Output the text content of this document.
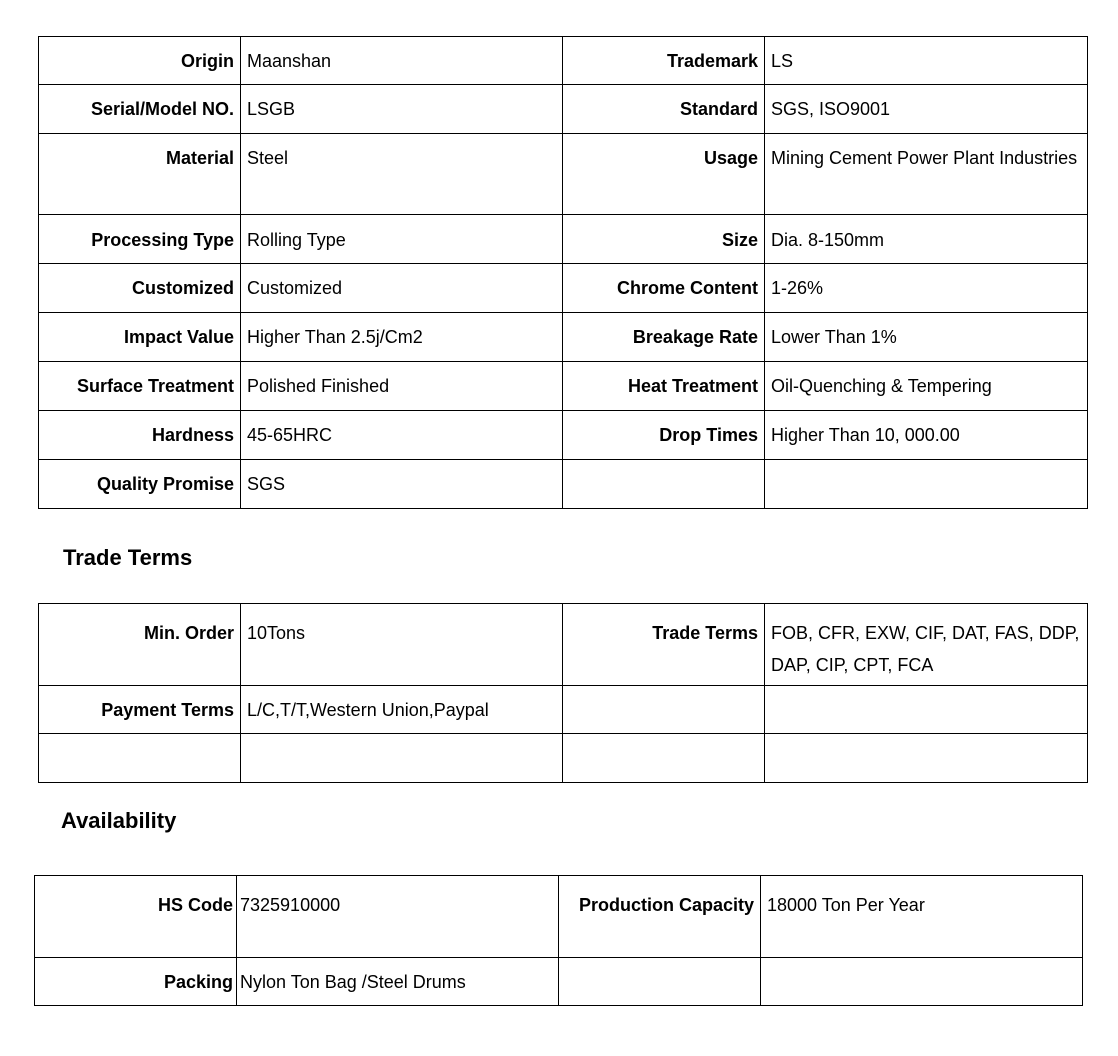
Origin	Maanshan	Trademark	LS
Serial/Model NO.	LSGB	Standard	SGS, ISO9001
Material	Steel	Usage	Mining Cement Power Plant Industries
Processing Type	Rolling Type	Size	Dia. 8-150mm
Customized	Customized	Chrome Content	1-26%
Impact Value	Higher Than 2.5j/Cm2	Breakage Rate	Lower Than 1%
Surface Treatment	Polished Finished	Heat Treatment	Oil-Quenching & Tempering
Hardness	45-65HRC	Drop Times	Higher Than 10, 000.00
Quality Promise	SGS		
Trade Terms
Min. Order	10Tons	Trade Terms	FOB, CFR, EXW, CIF, DAT, FAS, DDP, DAP, CIP, CPT, FCA
Payment Terms	L/C,T/T,Western Union,Paypal		

Availability
HS Code	7325910000	Production Capacity	18000 Ton Per Year
Packing	Nylon Ton Bag /Steel Drums		
